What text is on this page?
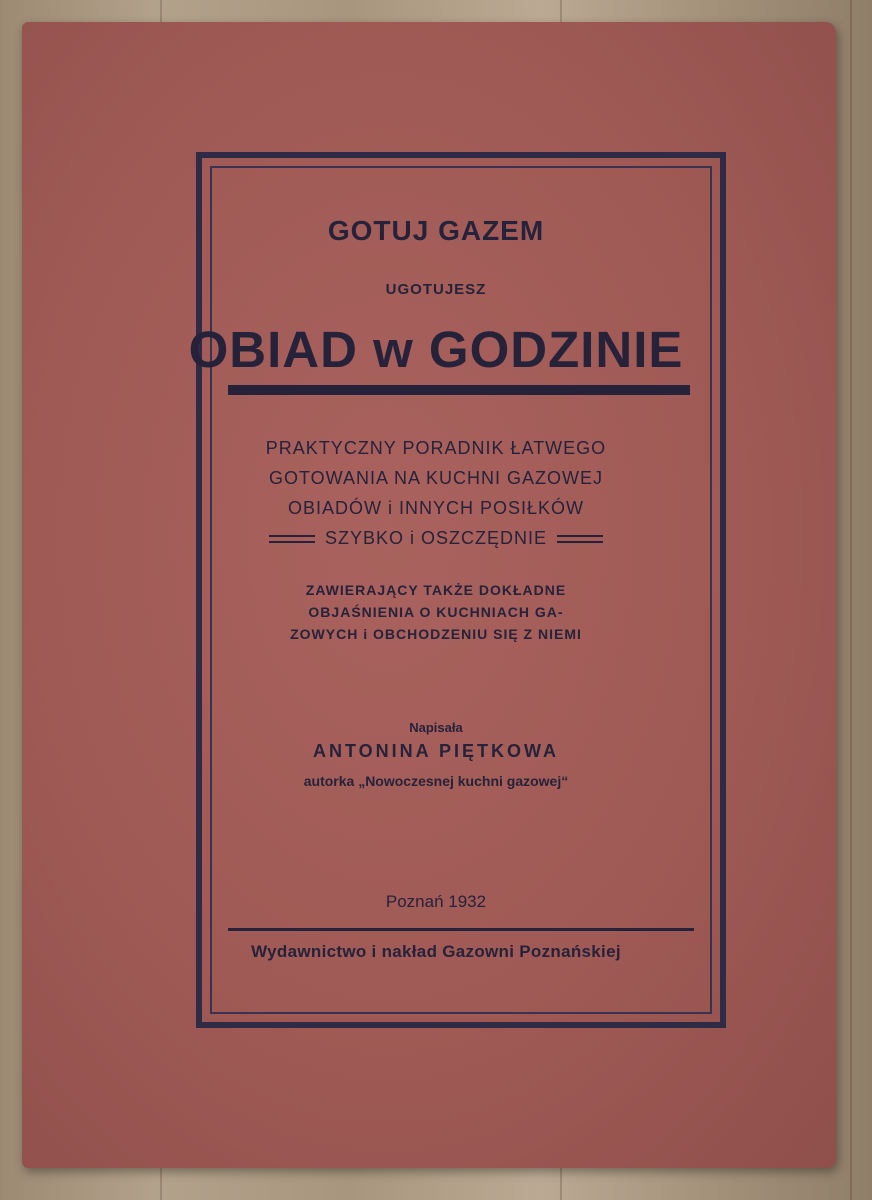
GOTUJ GAZEM
UGOTUJESZ
OBIAD w GODZINIE
PRAKTYCZNY PORADNIK ŁATWEGO
GOTOWANIA NA KUCHNI GAZOWEJ
OBIADÓW i INNYCH POSIŁKÓW
SZYBKO i OSZCZĘDNIE
ZAWIERAJĄCY TAKŻE DOKŁADNE
OBJAŚNIENIA O KUCHNIACH GA-
ZOWYCH i OBCHODZENIU SIĘ Z NIEMI
Napisała
ANTONINA PIĘTKOWA
autorka „Nowoczesnej kuchni gazowej“
Poznań 1932
Wydawnictwo i nakład Gazowni Poznańskiej
